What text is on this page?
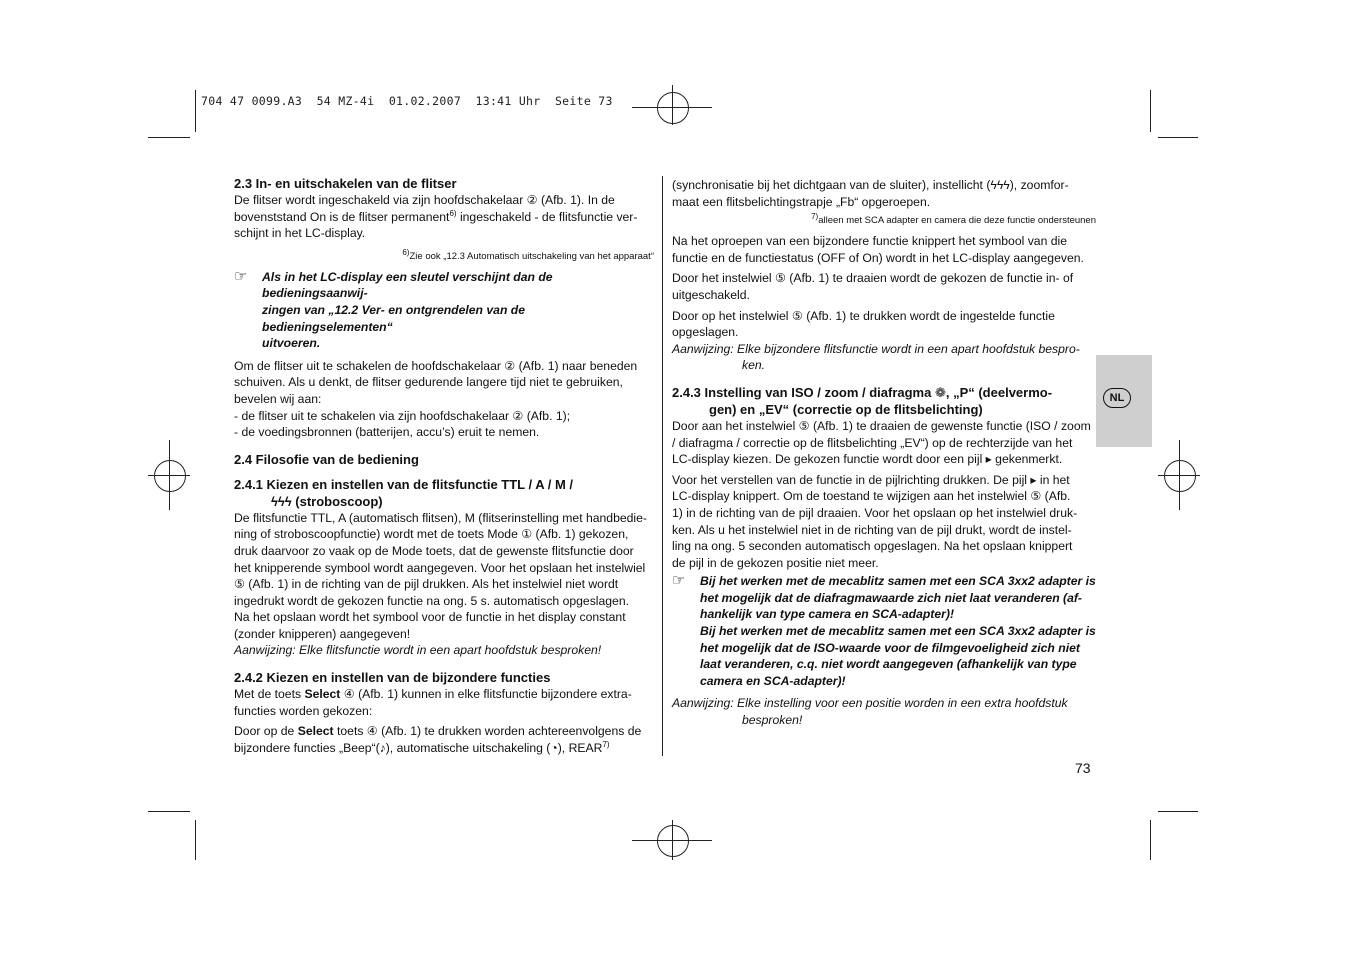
704 47 0099.A3  54 MZ-4i  01.02.2007  13:41 Uhr  Seite 73
NL

2.3 In- en uitschakelen van de flitser

De flitser wordt ingeschakeld via zijn hoofdschakelaar ② (Afb. 1). In de

bovenststand On is de flitser permanent$^{6)}$ ingeschakeld - de flitsfunctie ver-

schijnt in het LC-display.

$^{6)}$Zie ook „12.3 Automatisch uitschakeling van het apparaat“

☞ Als in het LC-display een sleutel verschijnt dan de bedieningsaanwij-

zingen van „12.2 Ver- en ontgrendelen van de bedieningselementen“

uitvoeren.

Om de flitser uit te schakelen de hoofdschakelaar ② (Afb. 1) naar beneden

schuiven. Als u denkt, de flitser gedurende langere tijd niet te gebruiken,

bevelen wij aan:

- de flitser uit te schakelen via zijn hoofdschakelaar ② (Afb. 1);

- de voedingsbronnen (batterijen, accu’s) eruit te nemen.

2.4 Filosofie van de bediening

2.4.1 Kiezen en instellen van de flitsfunctie TTL / A / M /

ϟϟϟ (stroboscoop)

De flitsfunctie TTL, A (automatisch flitsen), M (flitserinstelling met handbedie-

ning of stroboscoopfunctie) wordt met de toets Mode ① (Afb. 1) gekozen,

druk daarvoor zo vaak op de Mode toets, dat de gewenste flitsfunctie door

het knipperende symbool wordt aangegeven. Voor het opslaan het instelwiel

⑤ (Afb. 1) in de richting van de pijl drukken. Als het instelwiel niet wordt

ingedrukt wordt de gekozen functie na ong. 5 s. automatisch opgeslagen.

Na het opslaan wordt het symbool voor de functie in het display constant

(zonder knipperen) aangegeven!

Aanwijzing: Elke flitsfunctie wordt in een apart hoofdstuk besproken!

2.4.2 Kiezen en instellen van de bijzondere functies

Met de toets Select ④ (Afb. 1) kunnen in elke flitsfunctie bijzondere extra-

functies worden gekozen:

Door op de Select toets ④ (Afb. 1) te drukken worden achtereenvolgens de

bijzondere functies „Beep“(♪), automatische uitschakeling (◔), REAR$^{7)}$

(synchronisatie bij het dichtgaan van de sluiter), instellicht (ϟϟϟ), zoomfor-

maat een flitsbelichtingstrapje „Fb“ opgeroepen.

$^{7)}$alleen met SCA adapter en camera die deze functie ondersteunen

Na het oproepen van een bijzondere functie knippert het symbool van die

functie en de functiestatus (OFF of On) wordt in het LC-display aangegeven.

Door het instelwiel ⑤ (Afb. 1) te draaien wordt de gekozen de functie in- of

uitgeschakeld.

Door op het instelwiel ⑤ (Afb. 1) te drukken wordt de ingestelde functie

opgeslagen.

Aanwijzing: Elke bijzondere flitsfunctie wordt in een apart hoofdstuk bespro-

ken.

2.4.3 Instelling van ISO / zoom / diafragma ❁, „P“ (deelvermo-

gen) en „EV“ (correctie op de flitsbelichting)

Door aan het instelwiel ⑤ (Afb. 1) te draaien de gewenste functie (ISO / zoom

/ diafragma / correctie op de flitsbelichting „EV“) op de rechterzijde van het

LC-display kiezen. De gekozen functie wordt door een pijl ▸ gekenmerkt.

Voor het verstellen van de functie in de pijlrichting drukken. De pijl ▸ in het

LC-display knippert. Om de toestand te wijzigen aan het instelwiel ⑤ (Afb.

1) in de richting van de pijl draaien. Voor het opslaan op het instelwiel druk-

ken. Als u het instelwiel niet in de richting van de pijl drukt, wordt de instel-

ling na ong. 5 seconden automatisch opgeslagen. Na het opslaan knippert

de pijl in de gekozen positie niet meer.

☞ Bij het werken met de mecablitz samen met een SCA 3xx2 adapter is

het mogelijk dat de diafragmawaarde zich niet laat veranderen (af-

hankelijk van type camera en SCA-adapter)!

Bij het werken met de mecablitz samen met een SCA 3xx2 adapter is

het mogelijk dat de ISO-waarde voor de filmgevoeligheid zich niet

laat veranderen, c.q. niet wordt aangegeven (afhankelijk van type

camera en SCA-adapter)!

Aanwijzing: Elke instelling voor een positie worden in een extra hoofdstuk

besproken!

73
